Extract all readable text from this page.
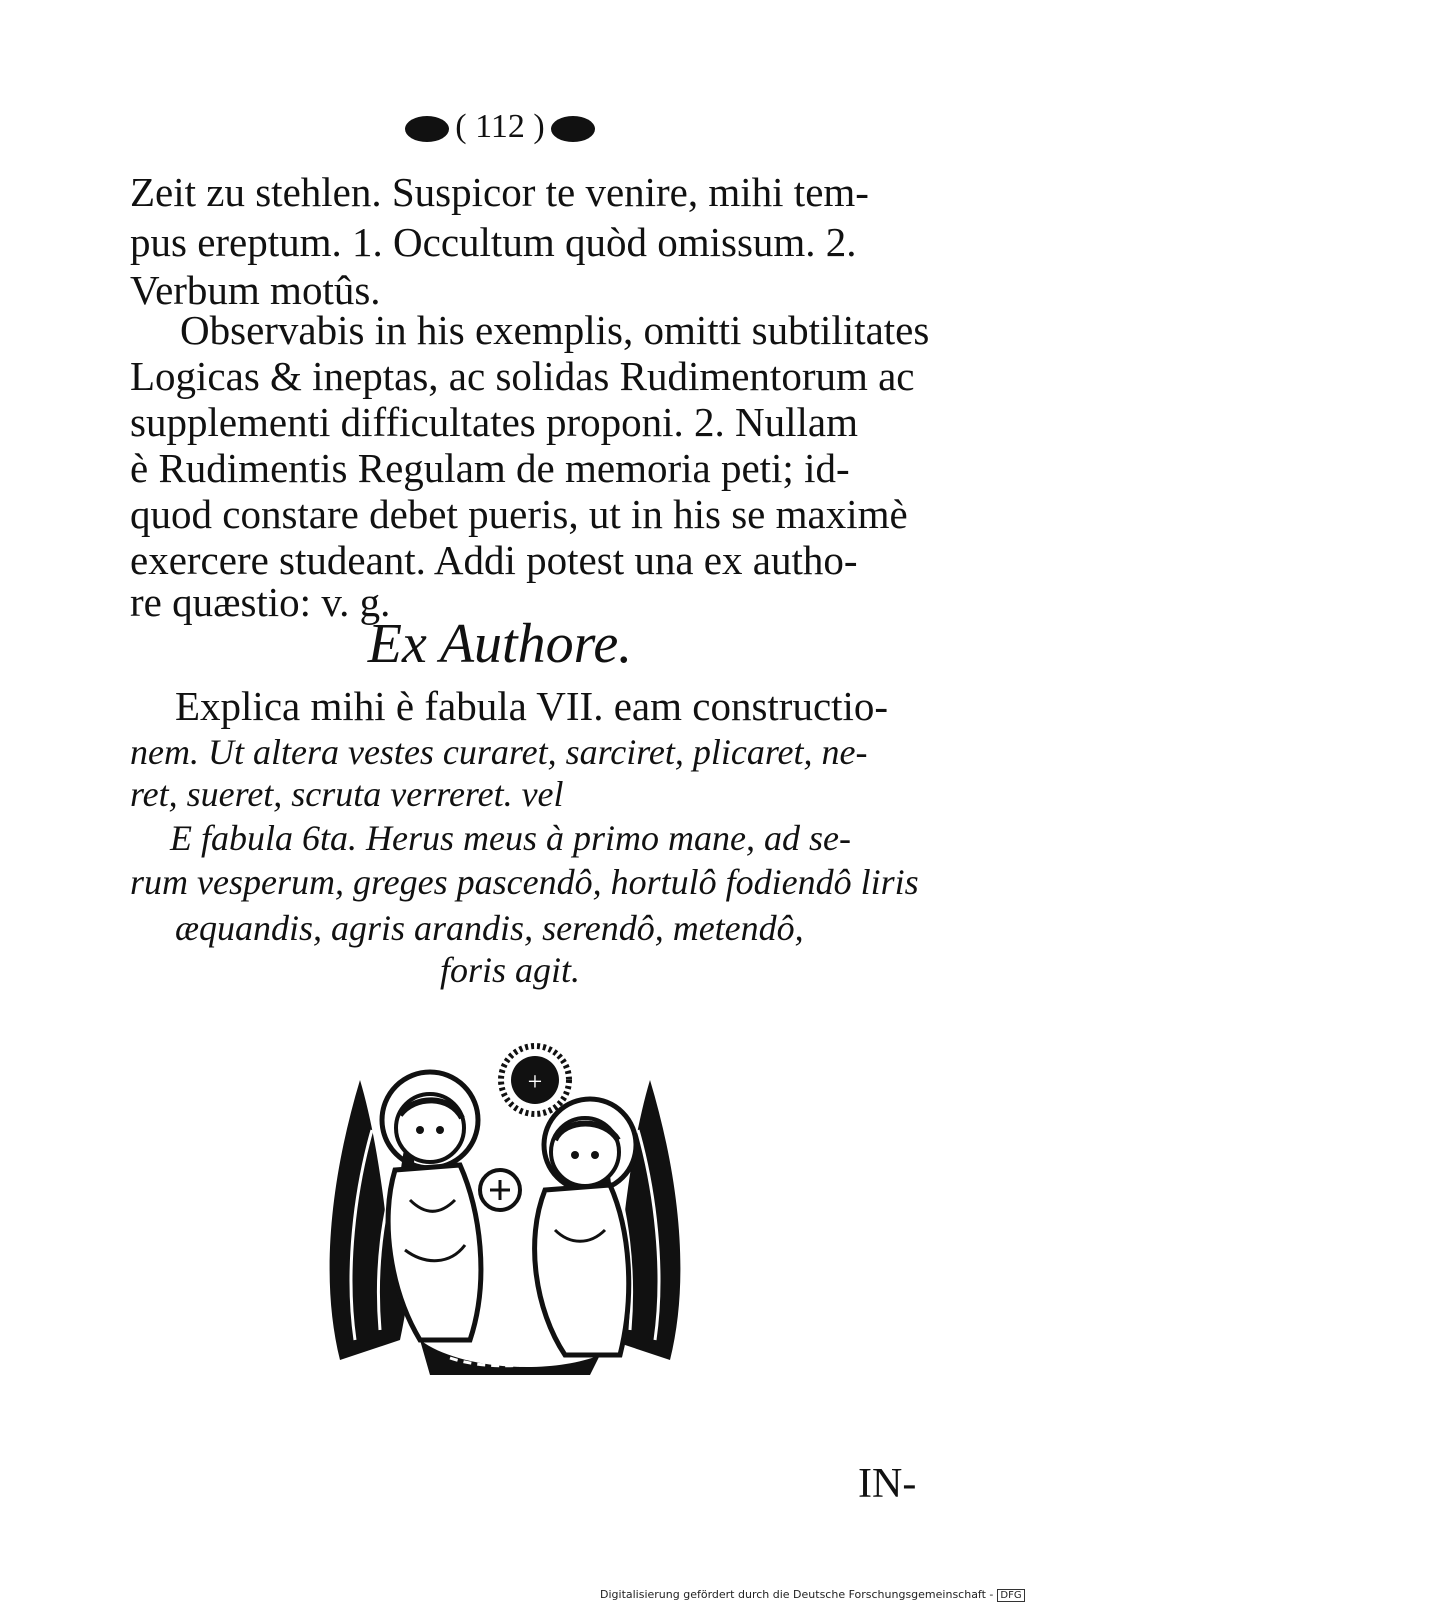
( 112 )
Zeit zu stehlen. Suspicor te venire, mihi tem-
pus ereptum. 1. Occultum quòd omissum. 2.
Verbum motûs.
Observabis in his exemplis, omitti subtilitates
Logicas & ineptas, ac solidas Rudimentorum ac
supplementi difficultates proponi. 2. Nullam
è Rudimentis Regulam de memoria peti; id-
quod constare debet pueris, ut in his se maximè
exercere studeant. Addi potest una ex autho-
re quæstio: v. g.
Ex Authore.
Explica mihi è fabula VII. eam constructio-
nem. Ut altera vestes curaret, sarciret, plicaret, ne-
ret, sueret, scruta verreret. vel
E fabula 6ta. Herus meus à primo mane, ad se-
rum vesperum, greges pascendô, hortulô fodiendô liris
æquandis, agris arandis, serendô, metendô,
foris agit.
+
IN-
Digitalisierung gefördert durch die Deutsche Forschungsgemeinschaft - DFG
